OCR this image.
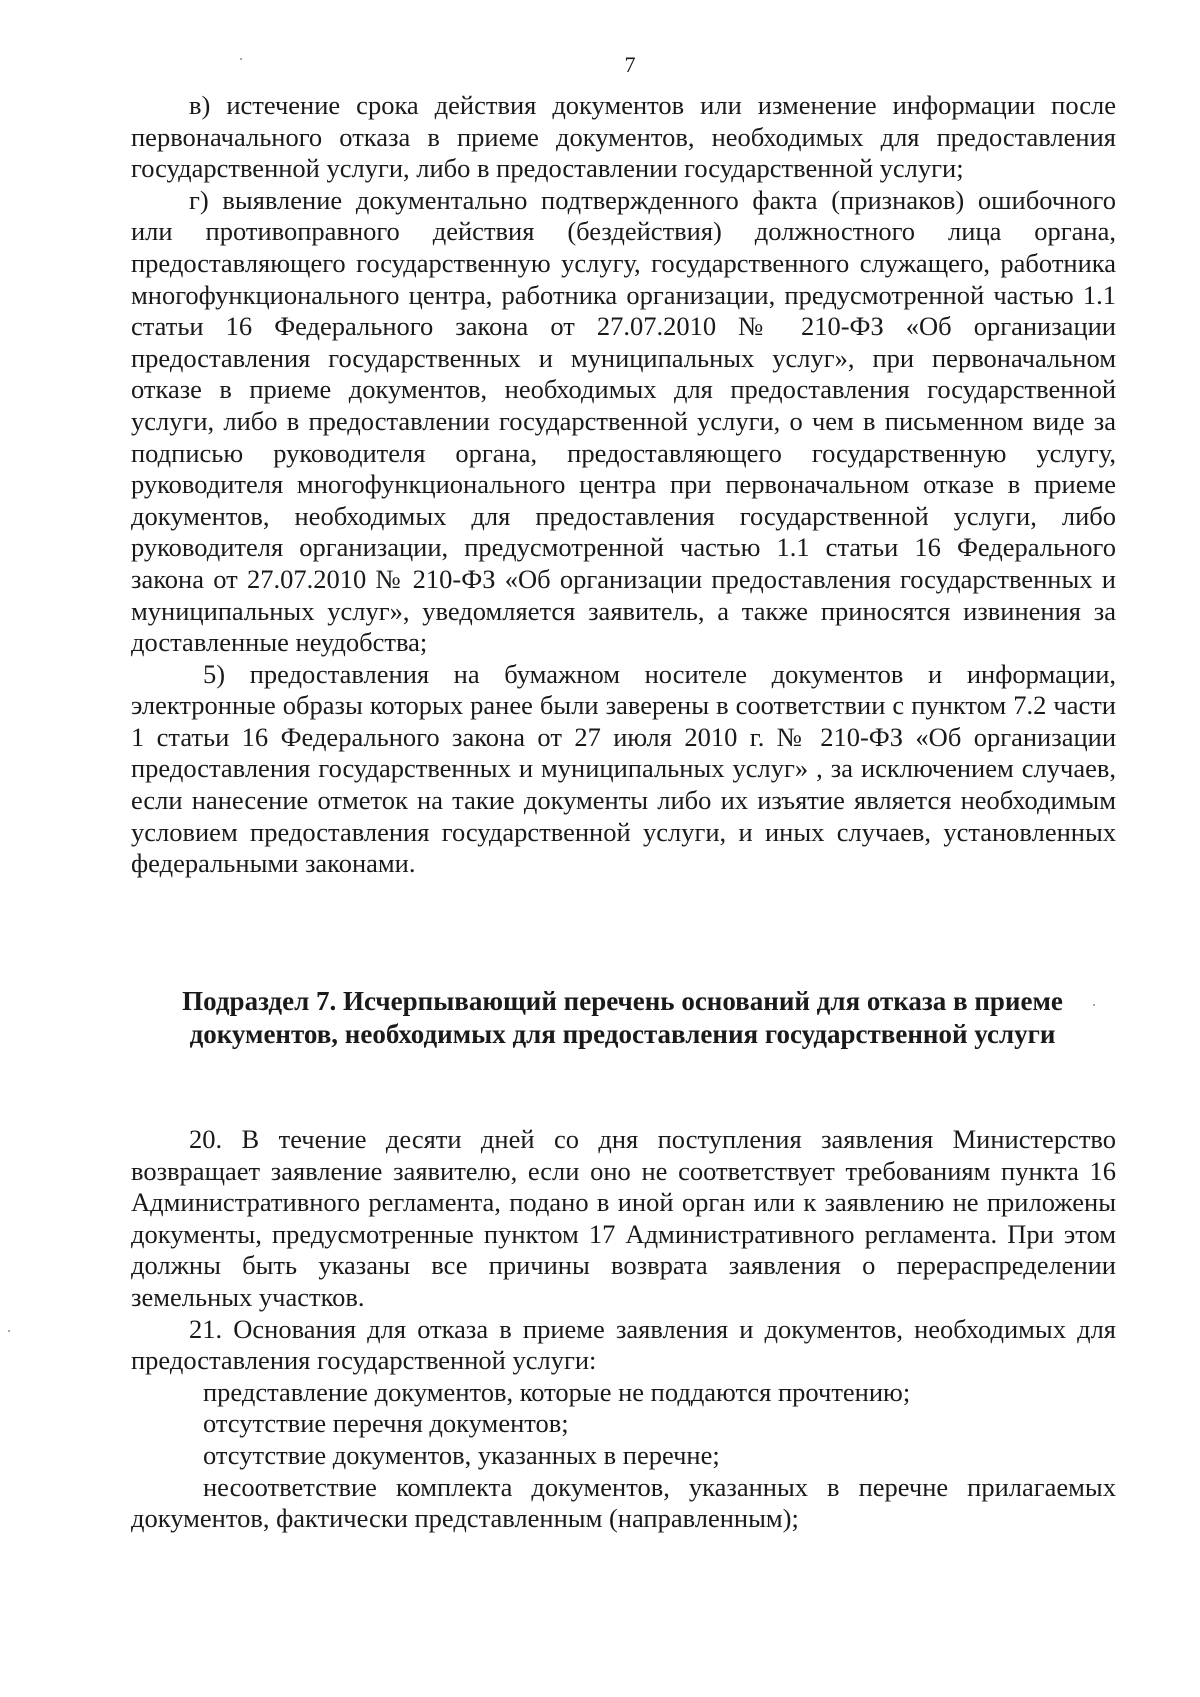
7

в) истечение срока действия документов или изменение информации после первоначального отказа в приеме документов, необходимых для предоставления государственной услуги, либо в предоставлении государственной услуги;

г) выявление документально подтвержденного факта (признаков) ошибочного или противоправного действия (бездействия) должностного лица органа, предоставляющего государственную услугу, государственного служащего, работника многофункционального центра, работника организации, предусмотренной частью 1.1 статьи 16 Федерального закона от 27.07.2010 № 210-ФЗ «Об организации предоставления государственных и муниципальных услуг», при первоначальном отказе в приеме документов, необходимых для предоставления государственной услуги, либо в предоставлении государственной услуги, о чем в письменном виде за подписью руководителя органа, предоставляющего государственную услугу, руководителя многофункционального центра при первоначальном отказе в приеме документов, необходимых для предоставления государственной услуги, либо руководителя организации, предусмотренной частью 1.1 статьи 16 Федерального закона от 27.07.2010 № 210-ФЗ «Об организации предоставления государственных и муниципальных услуг», уведомляется заявитель, а также приносятся извинения за доставленные неудобства;

5) предоставления на бумажном носителе документов и информации, электронные образы которых ранее были заверены в соответствии с пунктом 7.2 части 1 статьи 16 Федерального закона от 27 июля 2010 г. № 210-ФЗ «Об организации предоставления государственных и муниципальных услуг» , за исключением случаев, если нанесение отметок на такие документы либо их изъятие является необходимым условием предоставления государственной услуги, и иных случаев, установленных федеральными законами.

Подраздел 7. Исчерпывающий перечень оснований для отказа в приеме документов, необходимых для предоставления государственной услуги

20. В течение десяти дней со дня поступления заявления Министерство возвращает заявление заявителю, если оно не соответствует требованиям пункта 16 Административного регламента, подано в иной орган или к заявлению не приложены документы, предусмотренные пунктом 17 Административного регламента. При этом должны быть указаны все причины возврата заявления о перераспределении земельных участков.

21. Основания для отказа в приеме заявления и документов, необходимых для предоставления государственной услуги:

представление документов, которые не поддаются прочтению;

отсутствие перечня документов;

отсутствие документов, указанных в перечне;

несоответствие комплекта документов, указанных в перечне прилагаемых документов, фактически представленным (направленным);
